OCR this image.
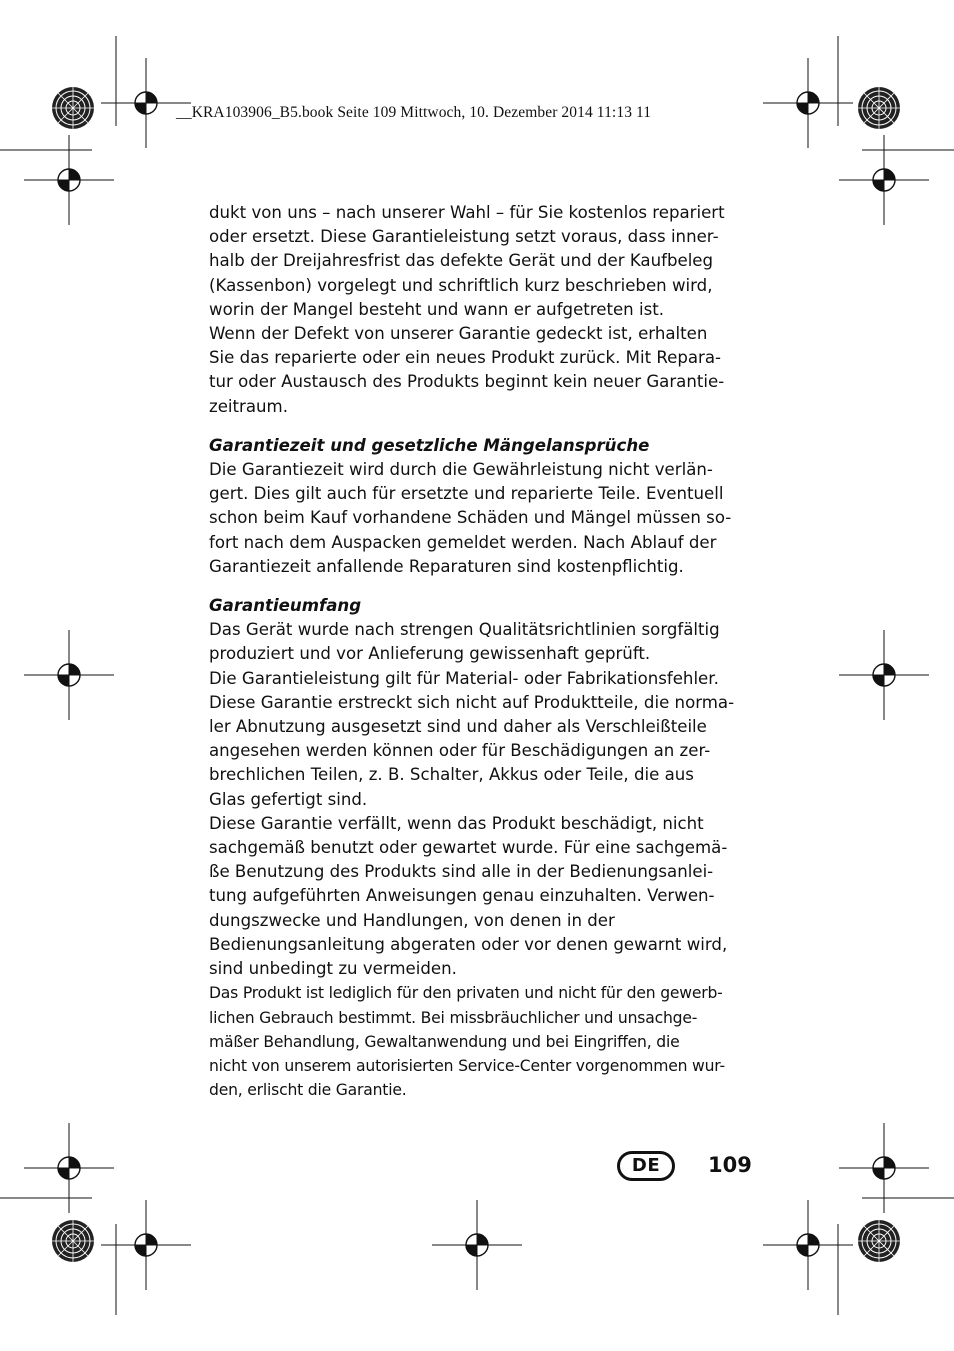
__KRA103906_B5.book Seite 109 Mittwoch, 10. Dezember 2014 11:13 11
dukt von uns – nach unserer Wahl – für Sie kostenlos repariert
oder ersetzt. Diese Garantieleistung setzt voraus, dass inner-
halb der Dreijahresfrist das defekte Gerät und der Kaufbeleg
(Kassenbon) vorgelegt und schriftlich kurz beschrieben wird,
worin der Mangel besteht und wann er aufgetreten ist.
Wenn der Defekt von unserer Garantie gedeckt ist, erhalten
Sie das reparierte oder ein neues Produkt zurück. Mit Repara-
tur oder Austausch des Produkts beginnt kein neuer Garantie-
zeitraum.
Garantiezeit und gesetzliche Mängelansprüche
Die Garantiezeit wird durch die Gewährleistung nicht verlän-
gert. Dies gilt auch für ersetzte und reparierte Teile. Eventuell
schon beim Kauf vorhandene Schäden und Mängel müssen so-
fort nach dem Auspacken gemeldet werden. Nach Ablauf der
Garantiezeit anfallende Reparaturen sind kostenpflichtig.
Garantieumfang
Das Gerät wurde nach strengen Qualitätsrichtlinien sorgfältig
produziert und vor Anlieferung gewissenhaft geprüft.
Die Garantieleistung gilt für Material- oder Fabrikationsfehler.
Diese Garantie erstreckt sich nicht auf Produktteile, die norma-
ler Abnutzung ausgesetzt sind und daher als Verschleißteile
angesehen werden können oder für Beschädigungen an zer-
brechlichen Teilen, z. B. Schalter, Akkus oder Teile, die aus
Glas gefertigt sind.
Diese Garantie verfällt, wenn das Produkt beschädigt, nicht
sachgemäß benutzt oder gewartet wurde. Für eine sachgemä-
ße Benutzung des Produkts sind alle in der Bedienungsanlei-
tung aufgeführten Anweisungen genau einzuhalten. Verwen-
dungszwecke und Handlungen, von denen in der
Bedienungsanleitung abgeraten oder vor denen gewarnt wird,
sind unbedingt zu vermeiden.
Das Produkt ist lediglich für den privaten und nicht für den gewerb-
lichen Gebrauch bestimmt. Bei missbräuchlicher und unsachge-
mäßer Behandlung, Gewaltanwendung und bei Eingriffen, die
nicht von unserem autorisierten Service-Center vorgenommen wur-
den, erlischt die Garantie.
DE	109
